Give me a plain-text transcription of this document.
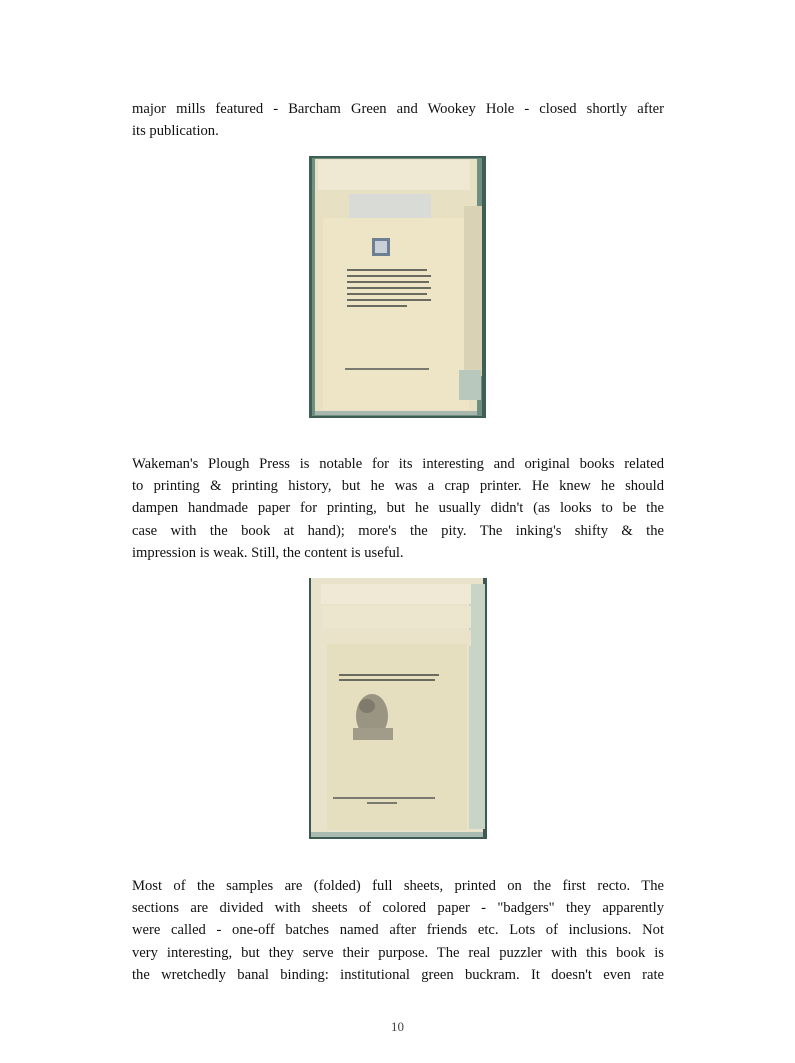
major mills featured - Barcham Green and Wookey Hole - closed shortly after
its publication.

Wakeman's Plough Press is notable for its interesting and original books related
to printing & printing history, but he was a crap printer. He knew he should
dampen handmade paper for printing, but he usually didn't (as looks to be the
case with the book at hand); more's the pity. The inking's shifty & the
impression is weak. Still, the content is useful.

Most of the samples are (folded) full sheets, printed on the first recto. The
sections are divided with sheets of colored paper - "badgers" they apparently
were called - one-off batches named after friends etc. Lots of inclusions. Not
very interesting, but they serve their purpose. The real puzzler with this book is
the wretchedly banal binding: institutional green buckram. It doesn't even rate

10
